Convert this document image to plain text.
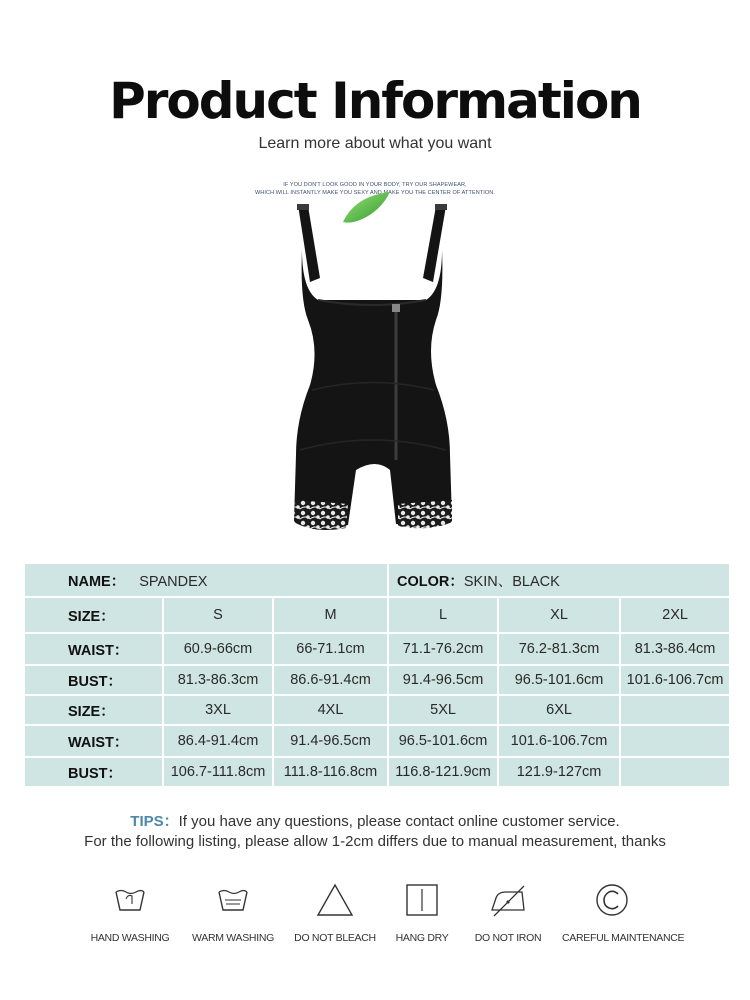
Product Information

Learn more about what you want

IF YOU DON'T LOOK GOOD IN YOUR BODY, TRY OUR SHAPEWEAR,
WHICH WILL INSTANTLY MAKE YOU SEXY AND MAKE YOU THE CENTER OF ATTENTION.
NAME： SPANDEX			COLOR：SKIN、BLACK		
SIZE：	S	M	L	XL	2XL
WAIST：	60.9-66cm	66-71.1cm	71.1-76.2cm	76.2-81.3cm	81.3-86.4cm
BUST：	81.3-86.3cm	86.6-91.4cm	91.4-96.5cm	96.5-101.6cm	101.6-106.7cm
SIZE：	3XL	4XL	5XL	6XL	
WAIST：	86.4-91.4cm	91.4-96.5cm	96.5-101.6cm	101.6-106.7cm	
BUST：	106.7-111.8cm	111.8-116.8cm	116.8-121.9cm	121.9-127cm	
TIPS：If you have any questions, please contact online customer service.
For the following listing, please allow 1-2cm differs due to manual measurement, thanks
HAND WASHING	WARM WASHING	DO NOT BLEACH	HANG DRY	DO NOT IRON	CAREFUL MAINTENANCE
